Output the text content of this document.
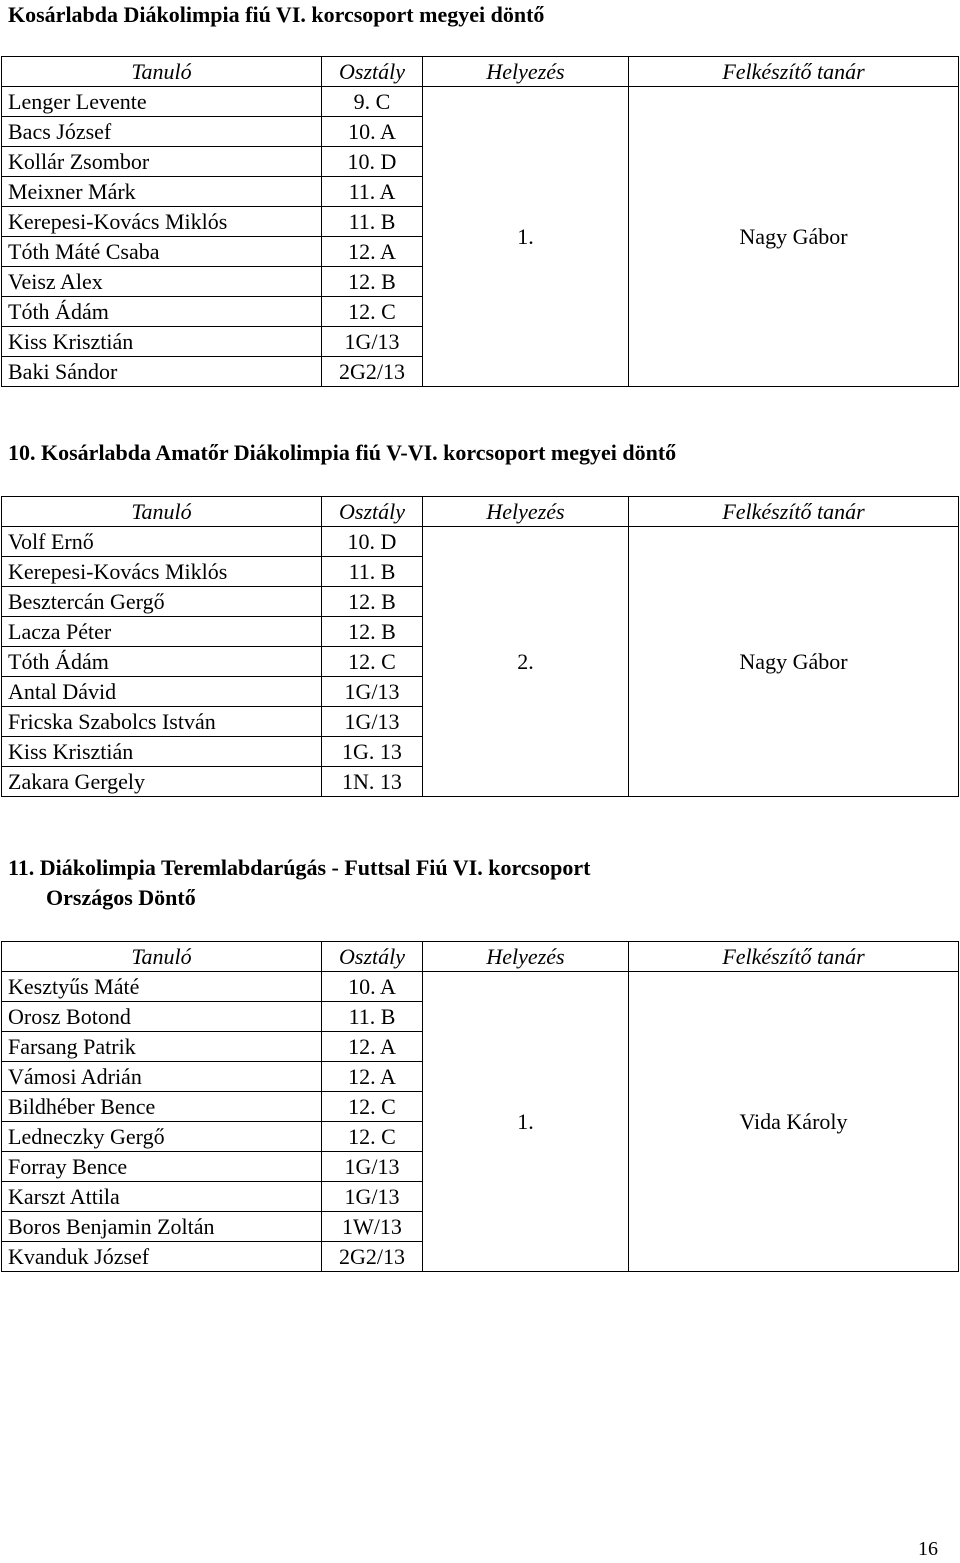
Kosárlabda Diákolimpia fiú VI. korcsoport megyei döntő
Tanuló	Osztály	Helyezés	Felkészítő tanár
Lenger Levente	9. C	1.	Nagy Gábor
Bacs József	10. A		
Kollár Zsombor	10. D		
Meixner Márk	11. A		
Kerepesi-Kovács Miklós	11. B		
Tóth Máté Csaba	12. A		
Veisz Alex	12. B		
Tóth Ádám	12. C		
Kiss Krisztián	1G/13		
Baki Sándor	2G2/13		
10. Kosárlabda Amatőr Diákolimpia fiú V-VI. korcsoport megyei döntő
Tanuló	Osztály	Helyezés	Felkészítő tanár
Volf Ernő	10. D	2.	Nagy Gábor
Kerepesi-Kovács Miklós	11. B		
Besztercán Gergő	12. B		
Lacza Péter	12. B		
Tóth Ádám	12. C		
Antal Dávid	1G/13		
Fricska Szabolcs István	1G/13		
Kiss Krisztián	1G. 13		
Zakara Gergely	1N. 13		
11. Diákolimpia Teremlabdarúgás - Futtsal Fiú VI. korcsoport
Országos Döntő
Tanuló	Osztály	Helyezés	Felkészítő tanár
Kesztyűs Máté	10. A	1.	Vida Károly
Orosz Botond	11. B		
Farsang Patrik	12. A		
Vámosi Adrián	12. A		
Bildhéber Bence	12. C		
Ledneczky Gergő	12. C		
Forray Bence	1G/13		
Karszt Attila	1G/13		
Boros Benjamin Zoltán	1W/13		
Kvanduk József	2G2/13		
16
